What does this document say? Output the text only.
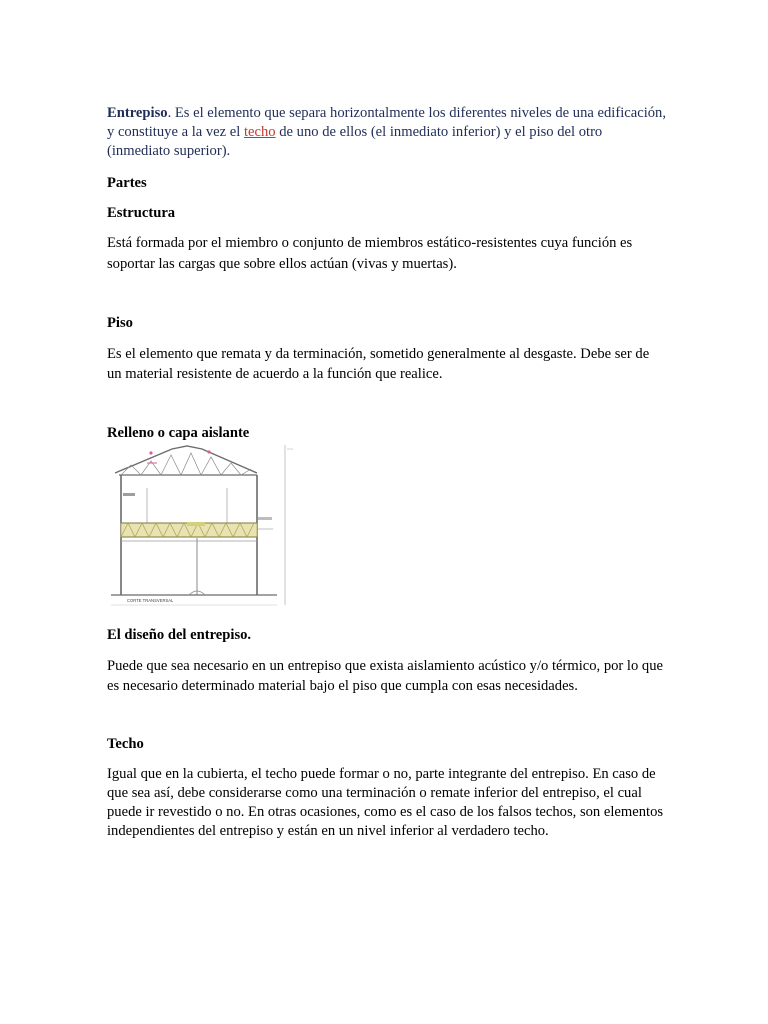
Entrepiso. Es el elemento que separa horizontalmente los diferentes niveles de una edificación, y constituye a la vez el techo de uno de ellos (el inmediato inferior) y el piso del otro (inmediato superior).

Partes
Estructura

Está formada por el miembro o conjunto de miembros estático-resistentes cuya función es soportar las cargas que sobre ellos actúan (vivas y muertas).

Piso

Es el elemento que remata y da terminación, sometido generalmente al desgaste. Debe ser de un material resistente de acuerdo a la función que realice.

Relleno o capa aislante
CORTE TRANSVERSAL
El diseño del entrepiso.

Puede que sea necesario en un entrepiso que exista aislamiento acústico y/o térmico, por lo que es necesario determinado material bajo el piso que cumpla con esas necesidades.

Techo

Igual que en la cubierta, el techo puede formar o no, parte integrante del entrepiso. En caso de que sea así, debe considerarse como una terminación o remate inferior del entrepiso, el cual puede ir revestido o no. En otras ocasiones, como es el caso de los falsos techos, son elementos independientes del entrepiso y están en un nivel inferior al verdadero techo.
